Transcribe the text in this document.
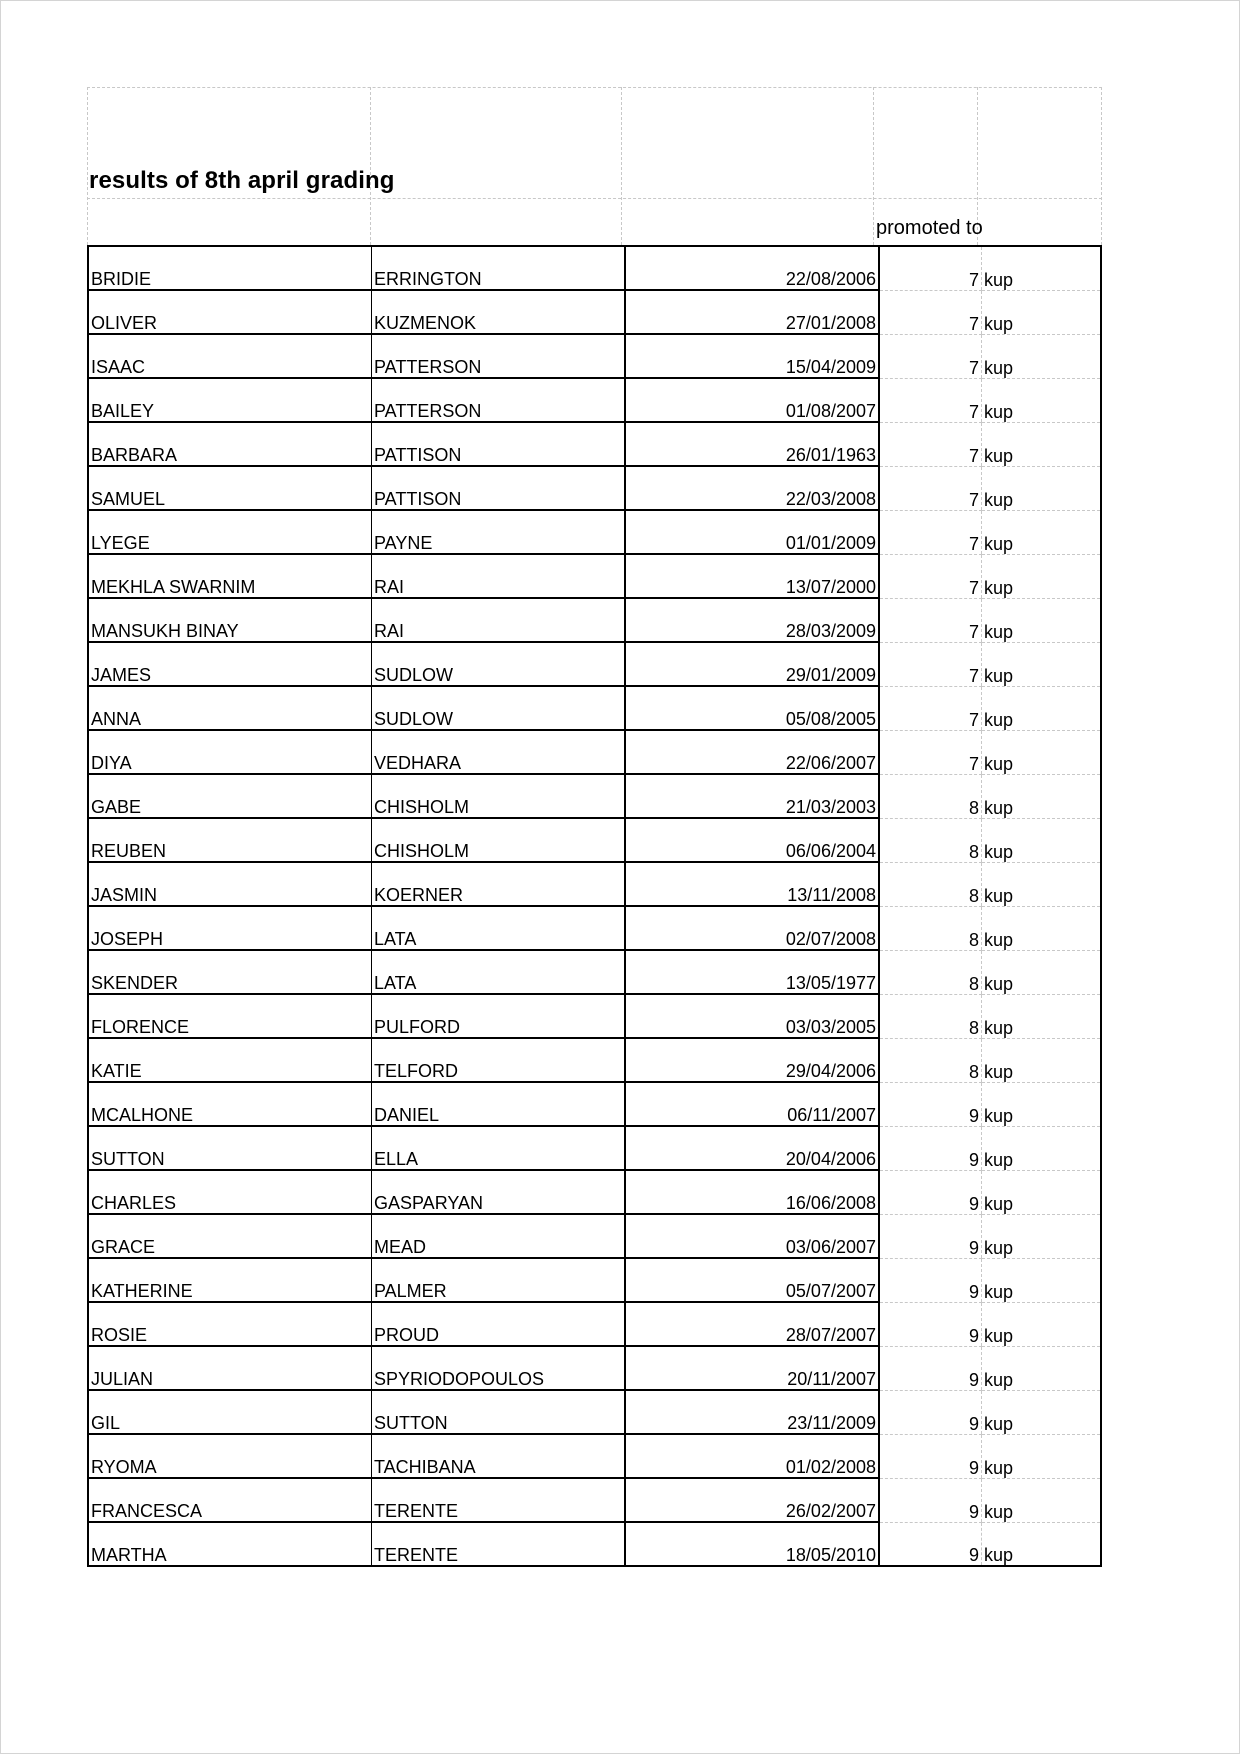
results of 8th april grading
promoted to
BRIDIE	ERRINGTON	22/08/2006	7	kup
OLIVER	KUZMENOK	27/01/2008	7	kup
ISAAC	PATTERSON	15/04/2009	7	kup
BAILEY	PATTERSON	01/08/2007	7	kup
BARBARA	PATTISON	26/01/1963	7	kup
SAMUEL	PATTISON	22/03/2008	7	kup
LYEGE	PAYNE	01/01/2009	7	kup
MEKHLA SWARNIM	RAI	13/07/2000	7	kup
MANSUKH BINAY	RAI	28/03/2009	7	kup
JAMES	SUDLOW	29/01/2009	7	kup
ANNA	SUDLOW	05/08/2005	7	kup
DIYA	VEDHARA	22/06/2007	7	kup
GABE	CHISHOLM	21/03/2003	8	kup
REUBEN	CHISHOLM	06/06/2004	8	kup
JASMIN	KOERNER	13/11/2008	8	kup
JOSEPH	LATA	02/07/2008	8	kup
SKENDER	LATA	13/05/1977	8	kup
FLORENCE	PULFORD	03/03/2005	8	kup
KATIE	TELFORD	29/04/2006	8	kup
MCALHONE	DANIEL	06/11/2007	9	kup
SUTTON	ELLA	20/04/2006	9	kup
CHARLES	GASPARYAN	16/06/2008	9	kup
GRACE	MEAD	03/06/2007	9	kup
KATHERINE	PALMER	05/07/2007	9	kup
ROSIE	PROUD	28/07/2007	9	kup
JULIAN	SPYRIODOPOULOS	20/11/2007	9	kup
GIL	SUTTON	23/11/2009	9	kup
RYOMA	TACHIBANA	01/02/2008	9	kup
FRANCESCA	TERENTE	26/02/2007	9	kup
MARTHA	TERENTE	18/05/2010	9	kup
